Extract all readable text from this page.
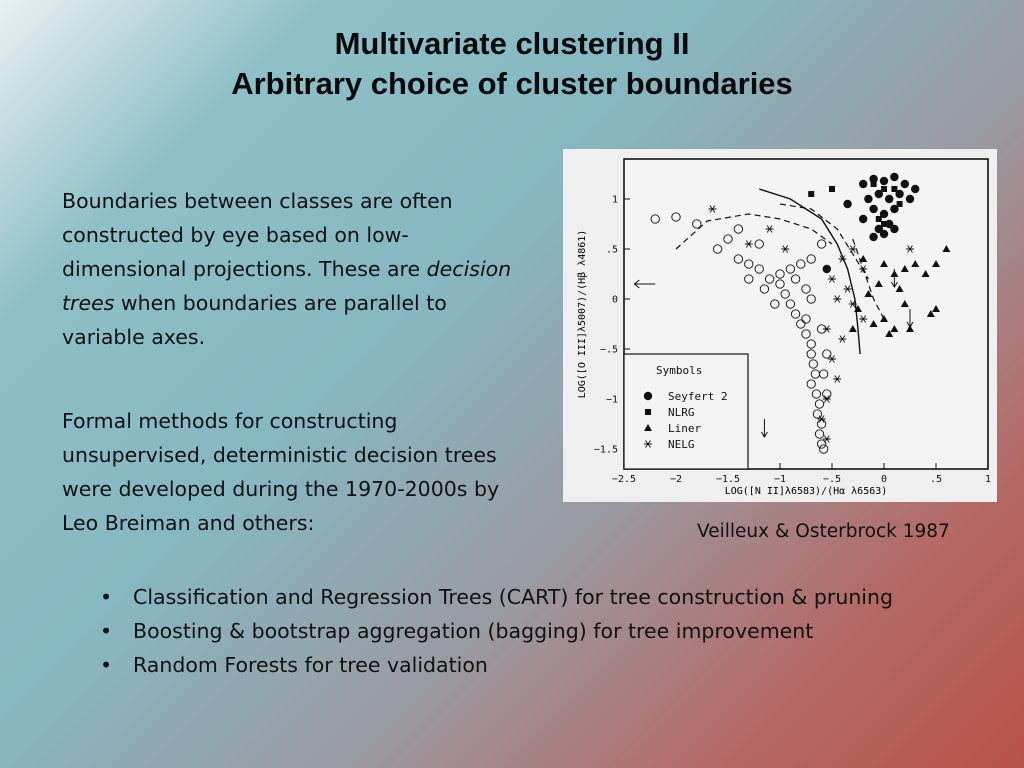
Multivariate clustering II
Arbitrary choice of cluster boundaries
Boundaries between classes are often constructed by eye based on low-dimensional projections. These are decision trees when boundaries are parallel to variable axes.
Formal methods for constructing unsupervised, deterministic decision trees were developed during the 1970-2000s by Leo Breiman and others:
−2.5	−2	−1.5	−1	−.5	0	.5	1
1
.5
0
−.5
−1
−1.5
Symbols
Seyfert 2
NLRG
Liner
NELG
LOG([N II]λ6583)/(Hα λ6563)
LOG([O III]λ5007)/(Hβ λ4861)
Veilleux & Osterbrock 1987
• Classification and Regression Trees (CART) for tree construction & pruning
• Boosting & bootstrap aggregation (bagging) for tree improvement
• Random Forests for tree validation
